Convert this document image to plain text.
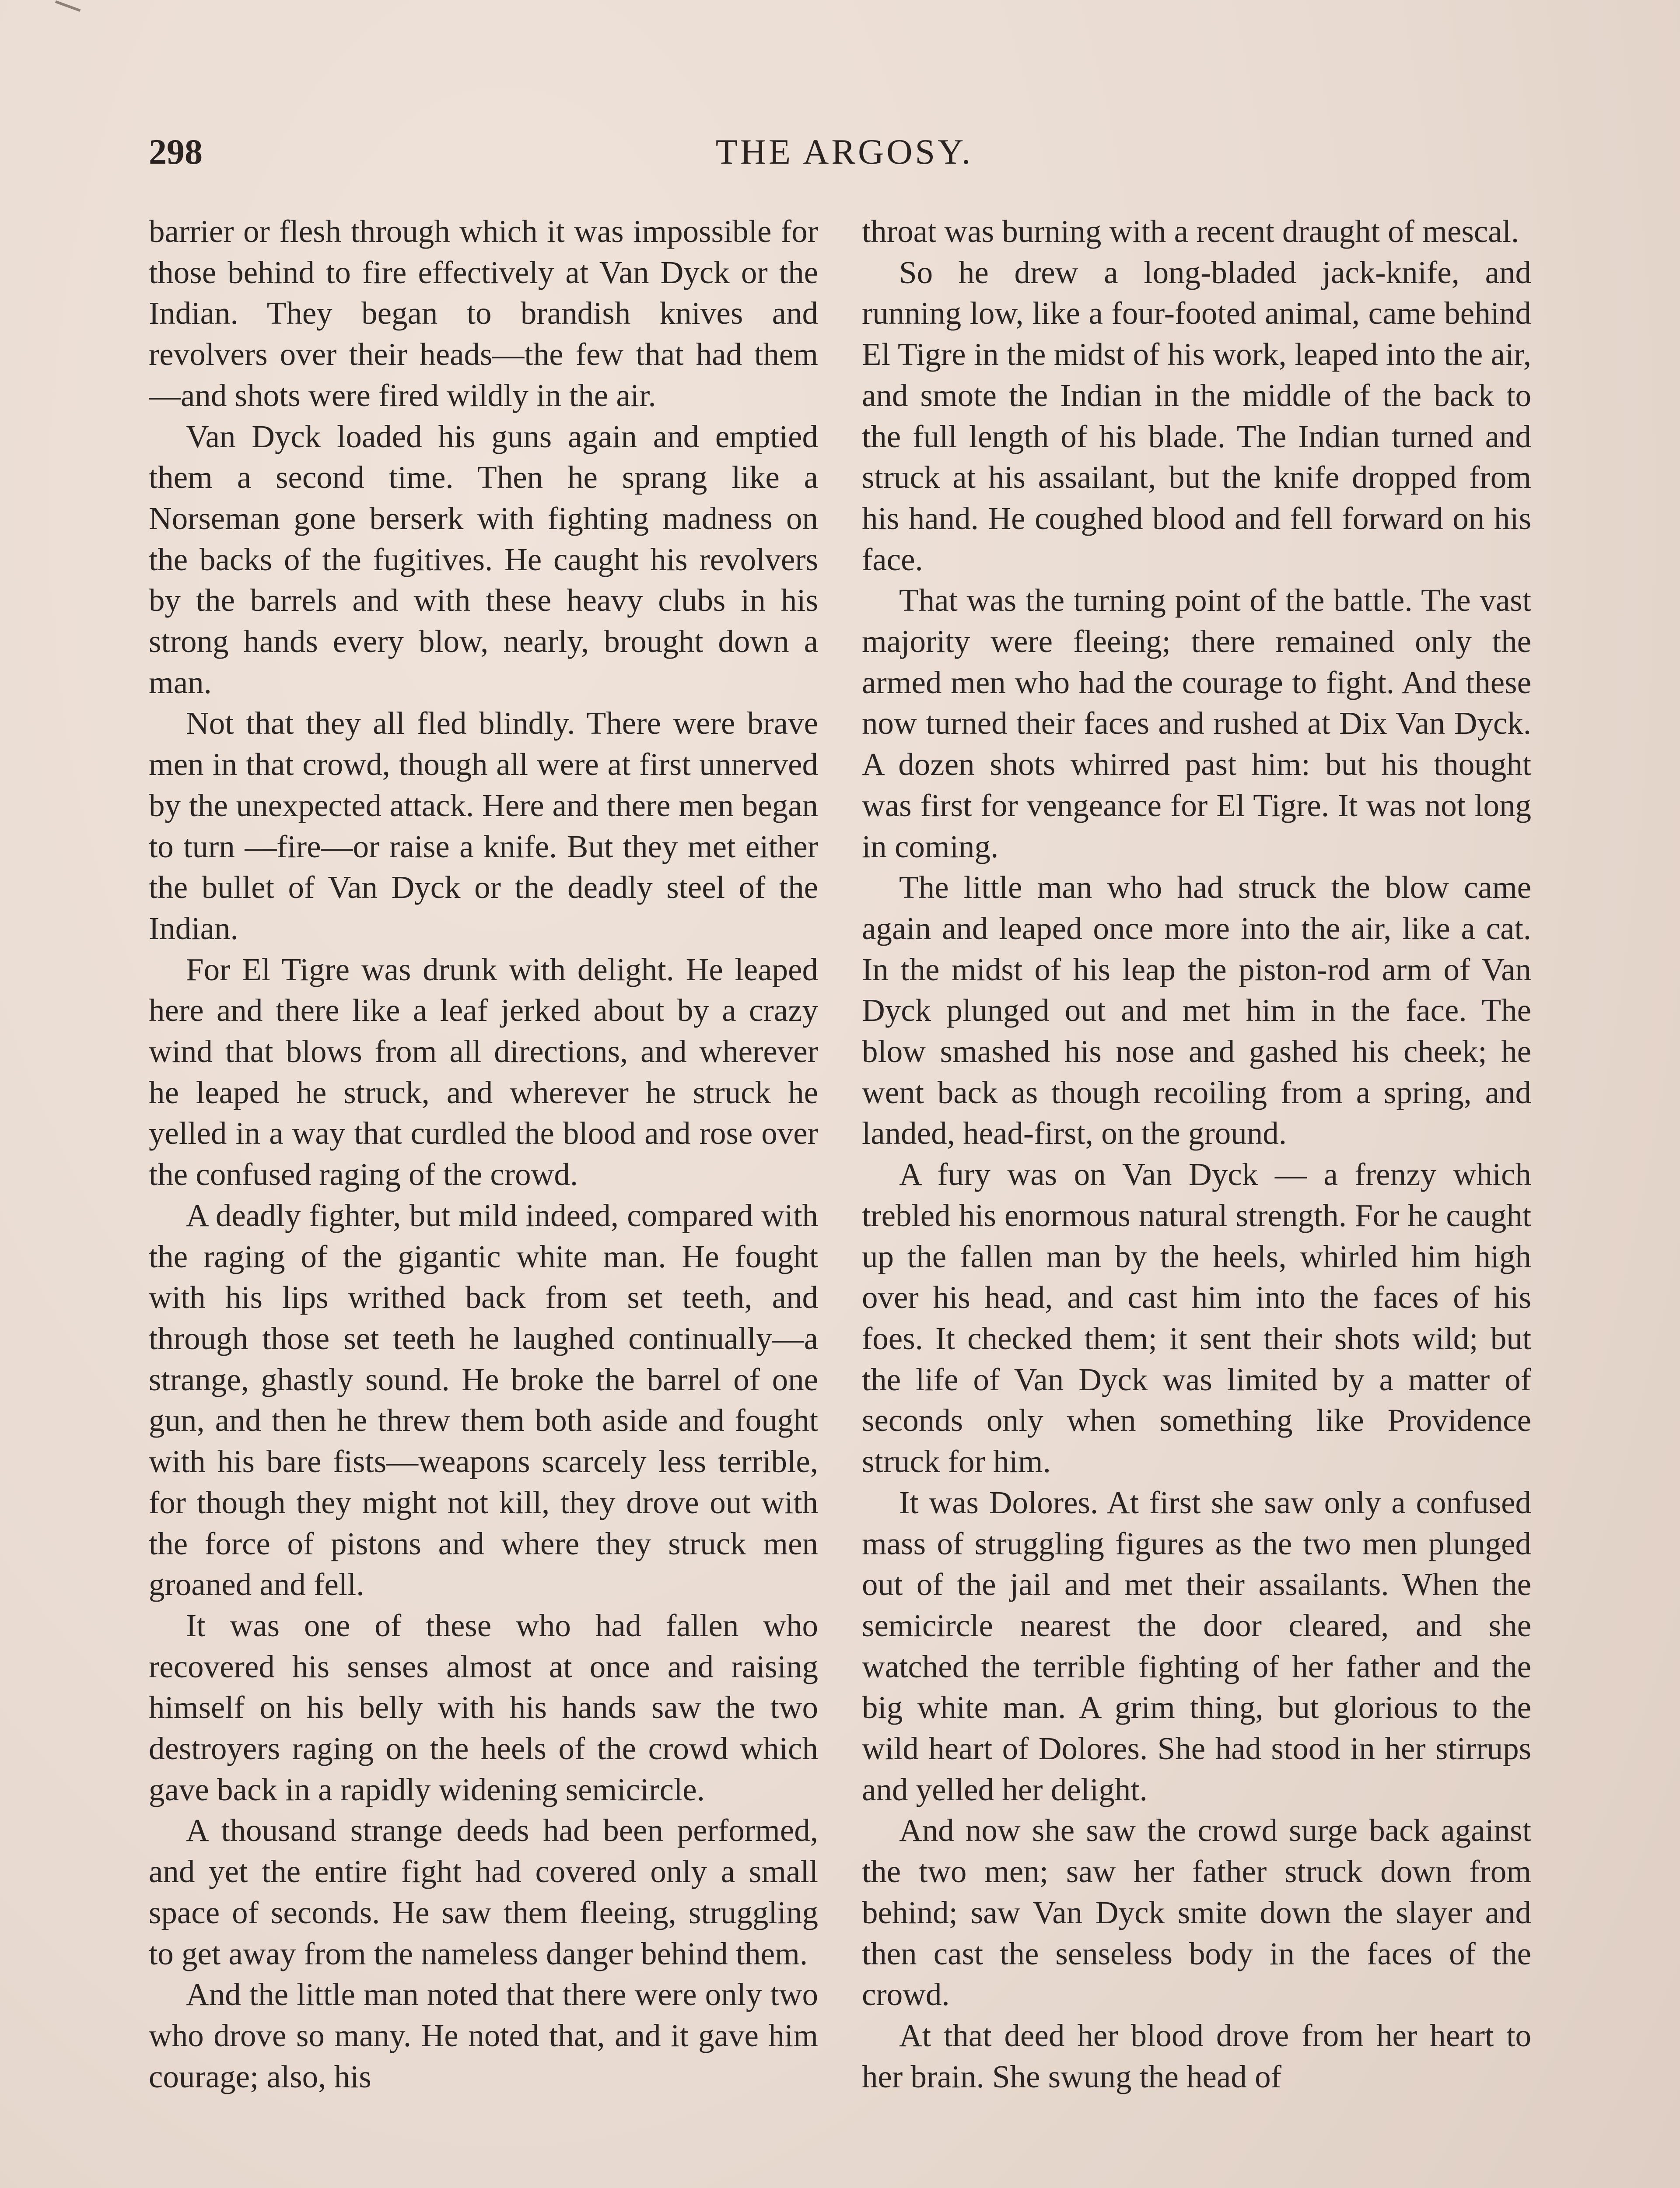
298	THE ARGOSY.

barrier or flesh through which it was impossible for those behind to fire effectively at Van Dyck or the Indian. They began to brandish knives and revolvers over their heads—the few that had them—and shots were fired wildly in the air.

Van Dyck loaded his guns again and emptied them a second time. Then he sprang like a Norseman gone berserk with fighting madness on the backs of the fugitives. He caught his revolvers by the barrels and with these heavy clubs in his strong hands every blow, nearly, brought down a man.

Not that they all fled blindly. There were brave men in that crowd, though all were at first unnerved by the unexpected attack. Here and there men began to turn —fire—or raise a knife. But they met either the bullet of Van Dyck or the deadly steel of the Indian.

For El Tigre was drunk with delight. He leaped here and there like a leaf jerked about by a crazy wind that blows from all directions, and wherever he leaped he struck, and wherever he struck he yelled in a way that curdled the blood and rose over the confused raging of the crowd.

A deadly fighter, but mild indeed, compared with the raging of the gigantic white man. He fought with his lips writhed back from set teeth, and through those set teeth he laughed continually—a strange, ghastly sound. He broke the barrel of one gun, and then he threw them both aside and fought with his bare fists—weapons scarcely less terrible, for though they might not kill, they drove out with the force of pistons and where they struck men groaned and fell.

It was one of these who had fallen who recovered his senses almost at once and raising himself on his belly with his hands saw the two destroyers raging on the heels of the crowd which gave back in a rapidly widening semicircle.

A thousand strange deeds had been performed, and yet the entire fight had covered only a small space of seconds. He saw them fleeing, struggling to get away from the nameless danger behind them.

And the little man noted that there were only two who drove so many. He noted that, and it gave him courage; also, his

throat was burning with a recent draught of mescal.

So he drew a long-bladed jack-knife, and running low, like a four-footed animal, came behind El Tigre in the midst of his work, leaped into the air, and smote the Indian in the middle of the back to the full length of his blade. The Indian turned and struck at his assailant, but the knife dropped from his hand. He coughed blood and fell forward on his face.

That was the turning point of the battle. The vast majority were fleeing; there remained only the armed men who had the courage to fight. And these now turned their faces and rushed at Dix Van Dyck. A dozen shots whirred past him: but his thought was first for vengeance for El Tigre. It was not long in coming.

The little man who had struck the blow came again and leaped once more into the air, like a cat. In the midst of his leap the piston-rod arm of Van Dyck plunged out and met him in the face. The blow smashed his nose and gashed his cheek; he went back as though recoiling from a spring, and landed, head-first, on the ground.

A fury was on Van Dyck — a frenzy which trebled his enormous natural strength. For he caught up the fallen man by the heels, whirled him high over his head, and cast him into the faces of his foes. It checked them; it sent their shots wild; but the life of Van Dyck was limited by a matter of seconds only when something like Providence struck for him.

It was Dolores. At first she saw only a confused mass of struggling figures as the two men plunged out of the jail and met their assailants. When the semicircle nearest the door cleared, and she watched the terrible fighting of her father and the big white man. A grim thing, but glorious to the wild heart of Dolores. She had stood in her stirrups and yelled her delight.

And now she saw the crowd surge back against the two men; saw her father struck down from behind; saw Van Dyck smite down the slayer and then cast the senseless body in the faces of the crowd.

At that deed her blood drove from her heart to her brain. She swung the head of
